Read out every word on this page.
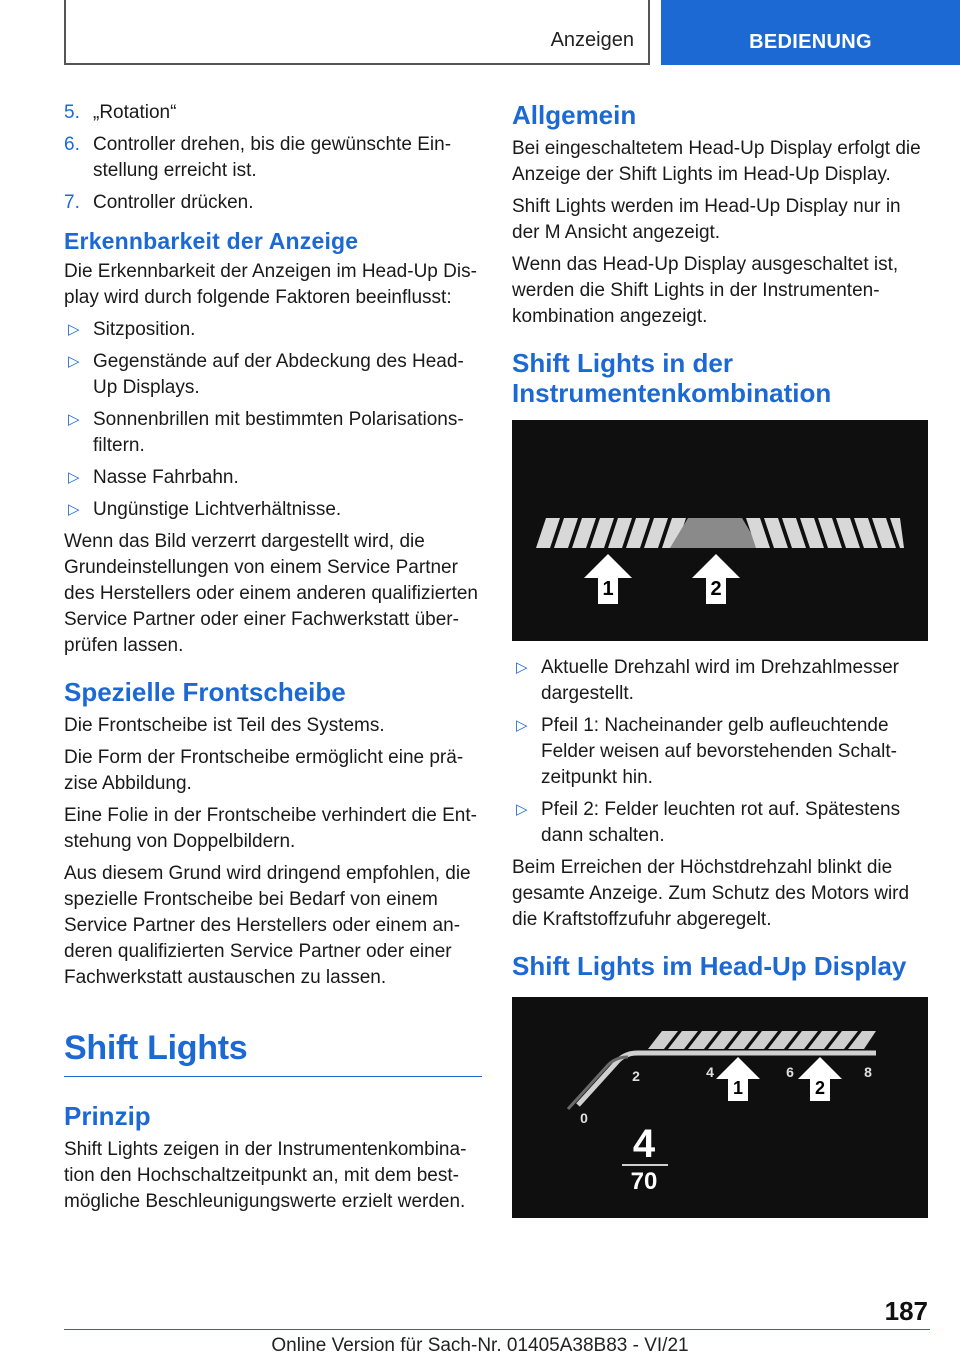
Anzeigen	BEDIENUNG
5. „Rotation“
6. Controller drehen, bis die gewünschte Einstellung erreicht ist.
7. Controller drücken.
Erkennbarkeit der Anzeige

Die Erkennbarkeit der Anzeigen im Head-Up Display wird durch folgende Faktoren beeinflusst:

▷ Sitzposition.
▷ Gegenstände auf der Abdeckung des Head-Up Displays.
▷ Sonnenbrillen mit bestimmten Polarisationsfiltern.
▷ Nasse Fahrbahn.
▷ Ungünstige Lichtverhältnisse.

Wenn das Bild verzerrt dargestellt wird, die Grundeinstellungen von einem Service Partner des Herstellers oder einem anderen qualifizierten Service Partner oder einer Fachwerkstatt überprüfen lassen.

Spezielle Frontscheibe

Die Frontscheibe ist Teil des Systems.

Die Form der Frontscheibe ermöglicht eine präzise Abbildung.

Eine Folie in der Frontscheibe verhindert die Entstehung von Doppelbildern.

Aus diesem Grund wird dringend empfohlen, die spezielle Frontscheibe bei Bedarf von einem Service Partner des Herstellers oder einem anderen qualifizierten Service Partner oder einer Fachwerkstatt austauschen zu lassen.

Shift Lights
Prinzip

Shift Lights zeigen in der Instrumentenkombination den Hochschaltzeitpunkt an, mit dem bestmögliche Beschleunigungswerte erzielt werden.

Allgemein

Bei eingeschaltetem Head-Up Display erfolgt die Anzeige der Shift Lights im Head-Up Display.

Shift Lights werden im Head-Up Display nur in der M Ansicht angezeigt.

Wenn das Head-Up Display ausgeschaltet ist, werden die Shift Lights in der Instrumentenkombination angezeigt.

Shift Lights in der Instrumentenkombination
1	2
▷ Aktuelle Drehzahl wird im Drehzahlmesser dargestellt.
▷ Pfeil 1: Nacheinander gelb aufleuchtende Felder weisen auf bevorstehenden Schaltzeitpunkt hin.
▷ Pfeil 2: Felder leuchten rot auf. Spätestens dann schalten.

Beim Erreichen der Höchstdrehzahl blinkt die gesamte Anzeige. Zum Schutz des Motors wird die Kraftstoffzufuhr abgeregelt.

Shift Lights im Head-Up Display
0
2	4	6	8
1	2
4
70
187
Online Version für Sach-Nr. 01405A38B83 - VI/21
